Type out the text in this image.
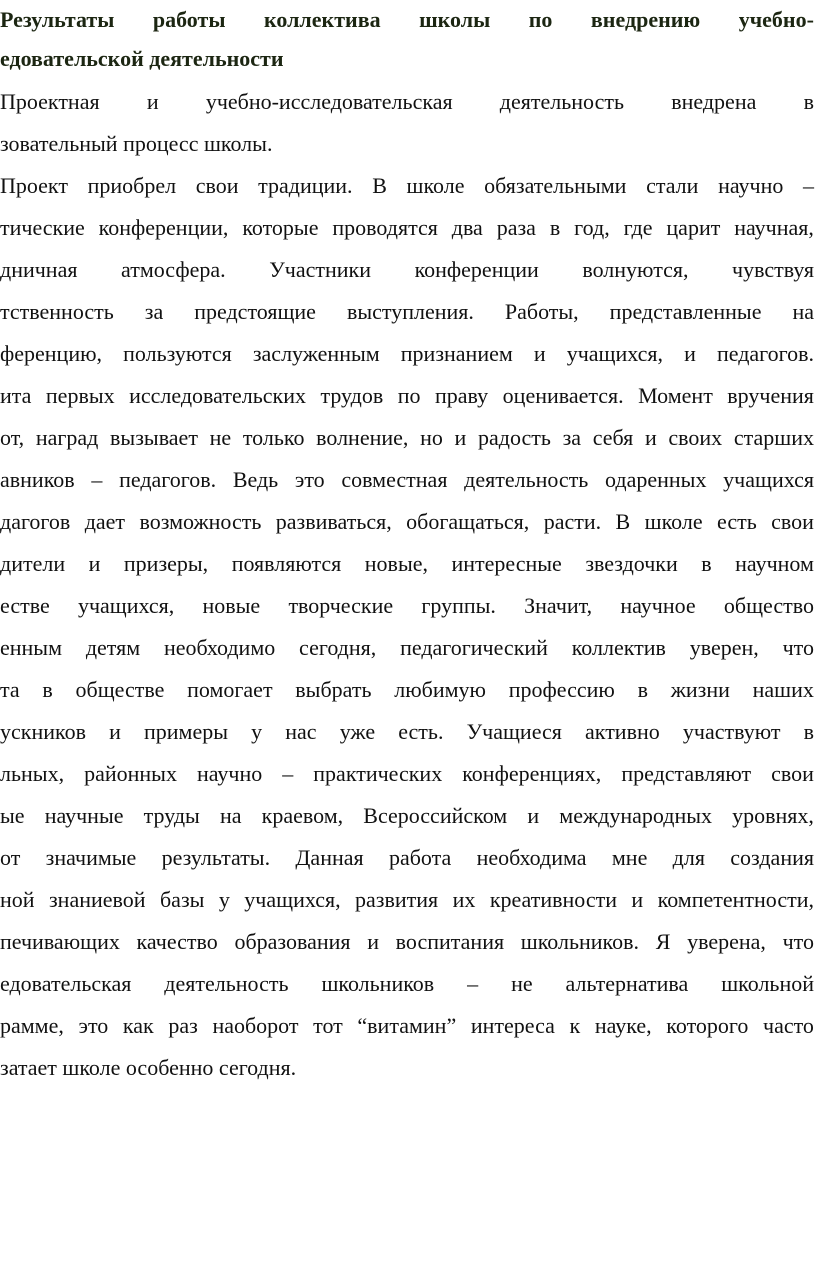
Результаты работы коллектива школы по внедрению учебно-
едовательской деятельности
Проектная и учебно-исследовательская деятельность внедрена в
зовательный процесс школы.
Проект приобрел свои традиции. В школе обязательными стали научно –
тические конференции, которые проводятся два раза в год, где царит научная,
дничная атмосфера. Участники конференции волнуются, чувствуя
тственность за предстоящие выступления. Работы, представленные на
ференцию, пользуются заслуженным признанием и учащихся, и педагогов.
ита первых исследовательских трудов по праву оценивается. Момент вручения
от, наград вызывает не только волнение, но и радость за себя и своих старших
авников – педагогов. Ведь это совместная деятельность одаренных учащихся
дагогов дает возможность развиваться, обогащаться, расти. В школе есть свои
дители и призеры, появляются новые, интересные звездочки в научном
естве учащихся, новые творческие группы. Значит, научное общество
енным детям необходимо сегодня, педагогический коллектив уверен, что
та в обществе помогает выбрать любимую профессию в жизни наших
ускников и примеры у нас уже есть. Учащиеся активно участвуют в
льных, районных научно – практических конференциях, представляют свои
ые научные труды на краевом, Всероссийском и международных уровнях,
от значимые результаты. Данная работа необходима мне для создания
ной знаниевой базы у учащихся, развития их креативности и компетентности,
печивающих качество образования и воспитания школьников. Я уверена, что
едовательская деятельность школьников – не альтернатива школьной
рамме, это как раз наоборот тот “витамин” интереса к науке, которого часто
затает школе особенно сегодня.
